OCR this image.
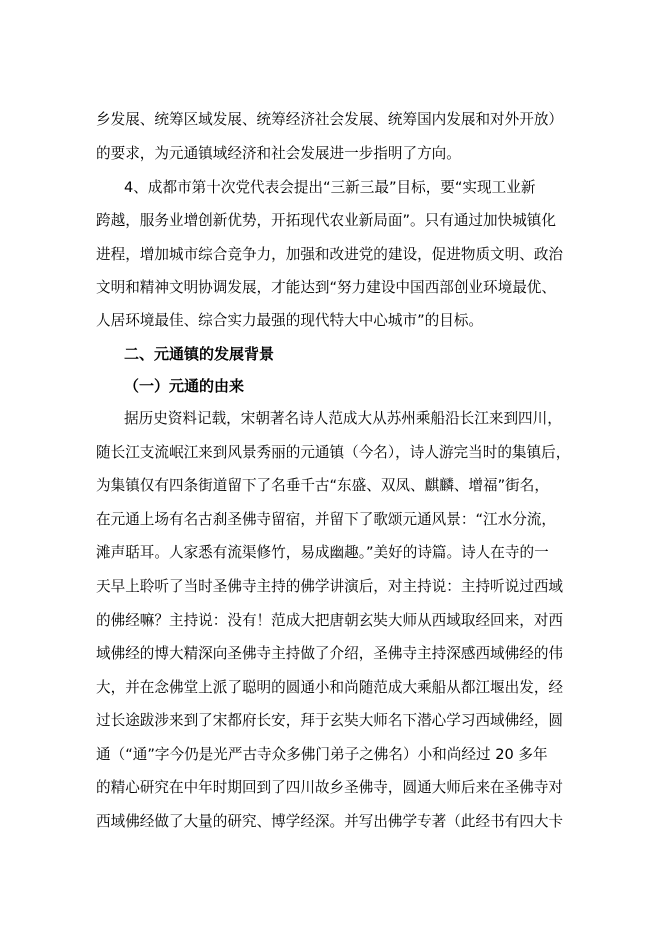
乡发展、统筹区域发展、统筹经济社会发展、统筹国内发展和对外开放）
的要求，为元通镇域经济和社会发展进一步指明了方向。
4、成都市第十次党代表会提出“三新三最”目标，要“实现工业新
跨越，服务业增创新优势，开拓现代农业新局面”。只有通过加快城镇化
进程，增加城市综合竞争力，加强和改进党的建设，促进物质文明、政治
文明和精神文明协调发展，才能达到“努力建设中国西部创业环境最优、
人居环境最佳、综合实力最强的现代特大中心城市”的目标。
二、元通镇的发展背景
（一）元通的由来
据历史资料记载，宋朝著名诗人范成大从苏州乘船沿长江来到四川，
随长江支流岷江来到风景秀丽的元通镇（今名），诗人游完当时的集镇后，
为集镇仅有四条街道留下了名垂千古“东盛、双凤、麒麟、增福”街名，
在元通上场有名古刹圣佛寺留宿，并留下了歌颂元通风景：“江水分流，
滩声聒耳。人家悉有流渠修竹，易成幽趣。”美好的诗篇。诗人在寺的一
天早上聆听了当时圣佛寺主持的佛学讲演后，对主持说：主持听说过西域
的佛经嘛？主持说：没有！范成大把唐朝玄奘大师从西域取经回来，对西
域佛经的博大精深向圣佛寺主持做了介绍，圣佛寺主持深感西域佛经的伟
大，并在念佛堂上派了聪明的圆通小和尚随范成大乘船从都江堰出发，经
过长途跋涉来到了宋都府长安，拜于玄奘大师名下潜心学习西域佛经，圆
通（“通”字今仍是光严古寺众多佛门弟子之佛名）小和尚经过 20 多年
的精心研究在中年时期回到了四川故乡圣佛寺，圆通大师后来在圣佛寺对
西域佛经做了大量的研究、博学经深。并写出佛学专著（此经书有四大卡
